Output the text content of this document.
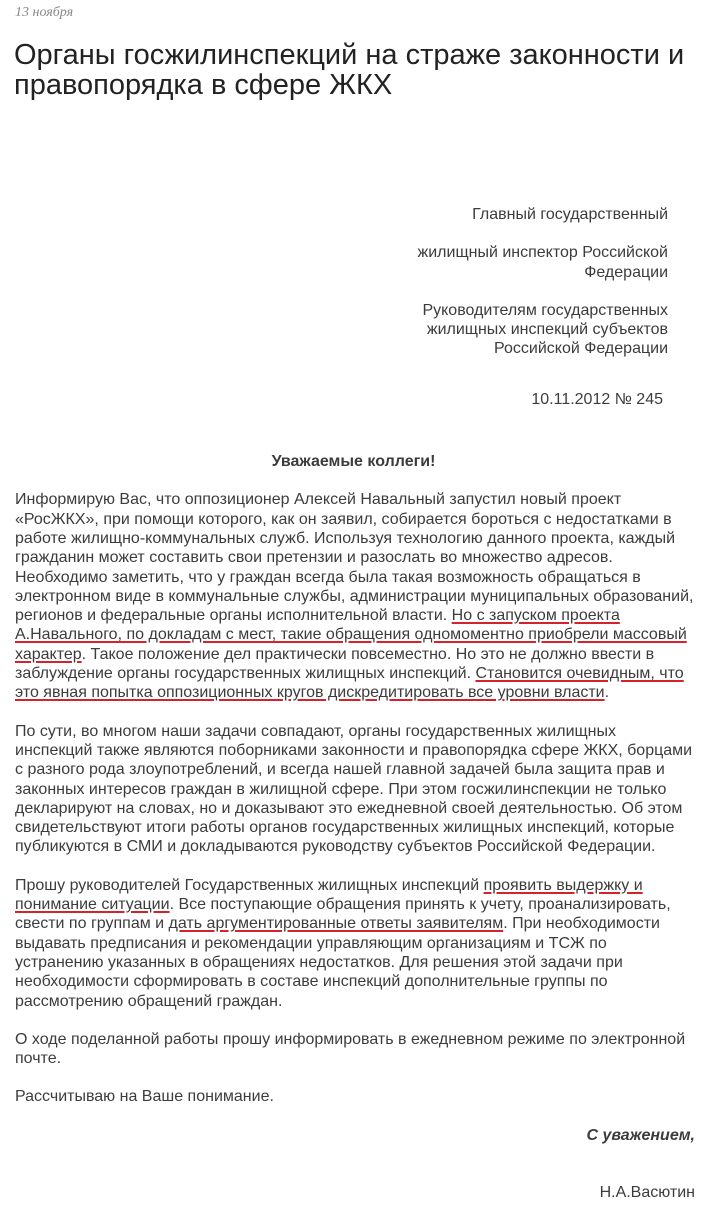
13 ноября
Органы госжилинспекций на страже законности и правопорядка в сфере ЖКХ
Главный государственный
жилищный инспектор Российской
Федерации
Руководителям государственных
жилищных инспекций субъектов
Российской Федерации
10.11.2012 № 245
Уважаемые коллеги!

Информирую Вас, что оппозиционер Алексей Навальный запустил новый проект «РосЖКХ», при помощи которого, как он заявил, собирается бороться с недостатками в работе жилищно-коммунальных служб. Используя технологию данного проекта, каждый гражданин может составить свои претензии и разослать во множество адресов. Необходимо заметить, что у граждан всегда была такая возможность обращаться в электронном виде в коммунальные службы, администрации муниципальных образований, регионов и федеральные органы исполнительной власти. Но с запуском проекта А.Навального, по докладам с мест, такие обращения одномоментно приобрели массовый характер. Такое положение дел практически повсеместно. Но это не должно ввести в заблуждение органы государственных жилищных инспекций. Становится очевидным, что это явная попытка оппозиционных кругов дискредитировать все уровни власти.

По сути, во многом наши задачи совпадают, органы государственных жилищных инспекций также являются поборниками законности и правопорядка сфере ЖКХ, борцами с разного рода злоупотреблений, и всегда нашей главной задачей была защита прав и законных интересов граждан в жилищной сфере. При этом госжилинспекции не только декларируют на словах, но и доказывают это ежедневной своей деятельностью. Об этом свидетельствуют итоги работы органов государственных жилищных инспекций, которые публикуются в СМИ и докладываются руководству субъектов Российской Федерации.

Прошу руководителей Государственных жилищных инспекций проявить выдержку и понимание ситуации. Все поступающие обращения принять к учету, проанализировать, свести по группам и дать аргументированные ответы заявителям. При необходимости выдавать предписания и рекомендации управляющим организациям и ТСЖ по устранению указанных в обращениях недостатков. Для решения этой задачи при необходимости сформировать в составе инспекций дополнительные группы по рассмотрению обращений граждан.

О ходе поделанной работы прошу информировать в ежедневном режиме по электронной почте.

Рассчитываю на Ваше понимание.

С уважением,
Н.А.Васютин
